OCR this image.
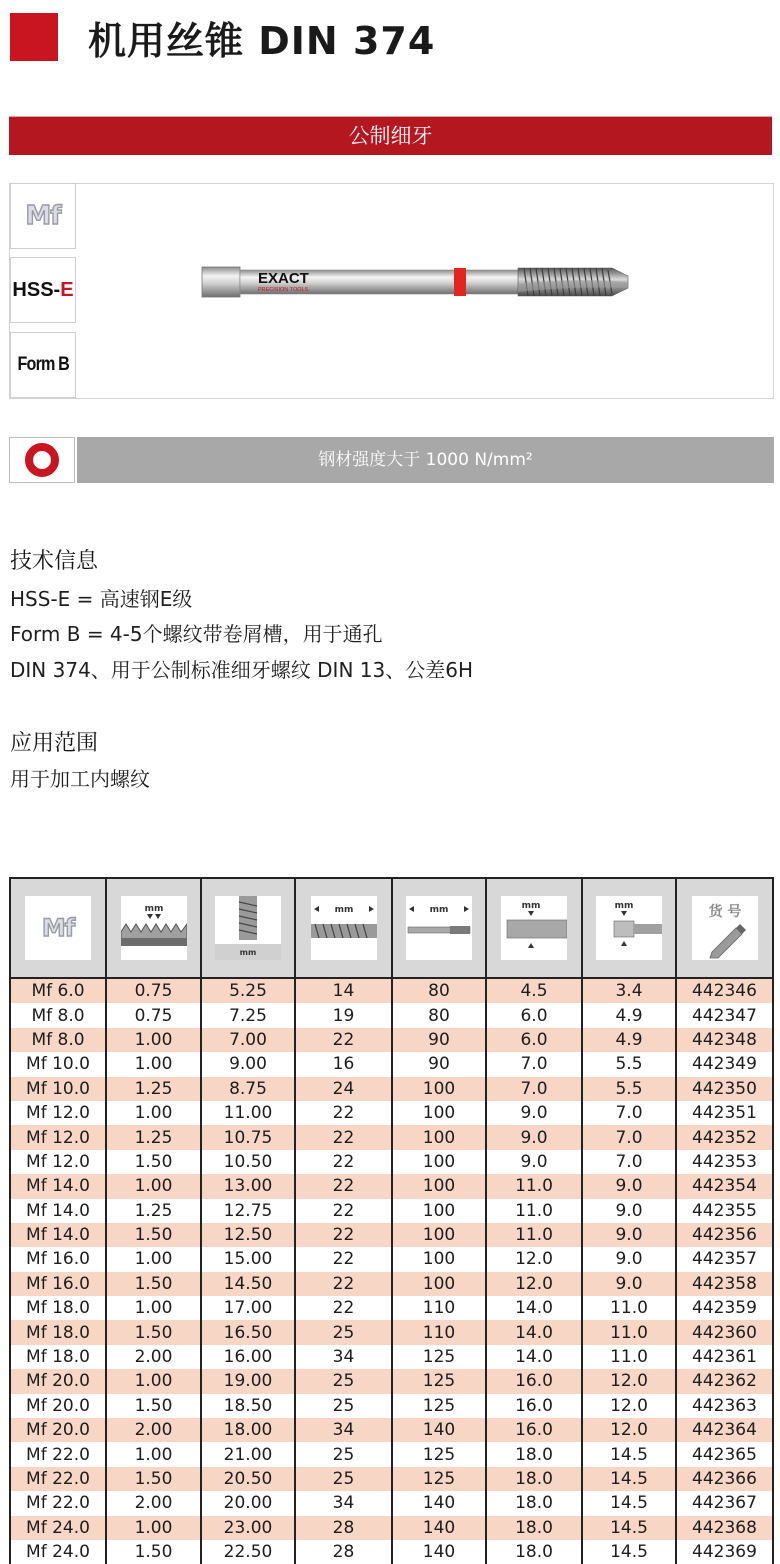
机用丝锥 DIN 374
公制细牙
Mf
HSS-E
Form B
EXACT
PRECISION TOOLS
钢材强度大于 1000 N/mm²
技术信息
HSS-E = 高速钢E级
Form B = 4-5个螺纹带卷屑槽，用于通孔
DIN 374、用于公制标准细牙螺纹 DIN 13、公差6H
应用范围
用于加工内螺纹
Mf	mm	mm	mm	mm	mm	mm	货 号

Mf 6.0	0.75	5.25	14	80	4.5	3.4	442346
Mf 8.0	0.75	7.25	19	80	6.0	4.9	442347
Mf 8.0	1.00	7.00	22	90	6.0	4.9	442348
Mf 10.0	1.00	9.00	16	90	7.0	5.5	442349
Mf 10.0	1.25	8.75	24	100	7.0	5.5	442350
Mf 12.0	1.00	11.00	22	100	9.0	7.0	442351
Mf 12.0	1.25	10.75	22	100	9.0	7.0	442352
Mf 12.0	1.50	10.50	22	100	9.0	7.0	442353
Mf 14.0	1.00	13.00	22	100	11.0	9.0	442354
Mf 14.0	1.25	12.75	22	100	11.0	9.0	442355
Mf 14.0	1.50	12.50	22	100	11.0	9.0	442356
Mf 16.0	1.00	15.00	22	100	12.0	9.0	442357
Mf 16.0	1.50	14.50	22	100	12.0	9.0	442358
Mf 18.0	1.00	17.00	22	110	14.0	11.0	442359
Mf 18.0	1.50	16.50	25	110	14.0	11.0	442360
Mf 18.0	2.00	16.00	34	125	14.0	11.0	442361
Mf 20.0	1.00	19.00	25	125	16.0	12.0	442362
Mf 20.0	1.50	18.50	25	125	16.0	12.0	442363
Mf 20.0	2.00	18.00	34	140	16.0	12.0	442364
Mf 22.0	1.00	21.00	25	125	18.0	14.5	442365
Mf 22.0	1.50	20.50	25	125	18.0	14.5	442366
Mf 22.0	2.00	20.00	34	140	18.0	14.5	442367
Mf 24.0	1.00	23.00	28	140	18.0	14.5	442368
Mf 24.0	1.50	22.50	28	140	18.0	14.5	442369
